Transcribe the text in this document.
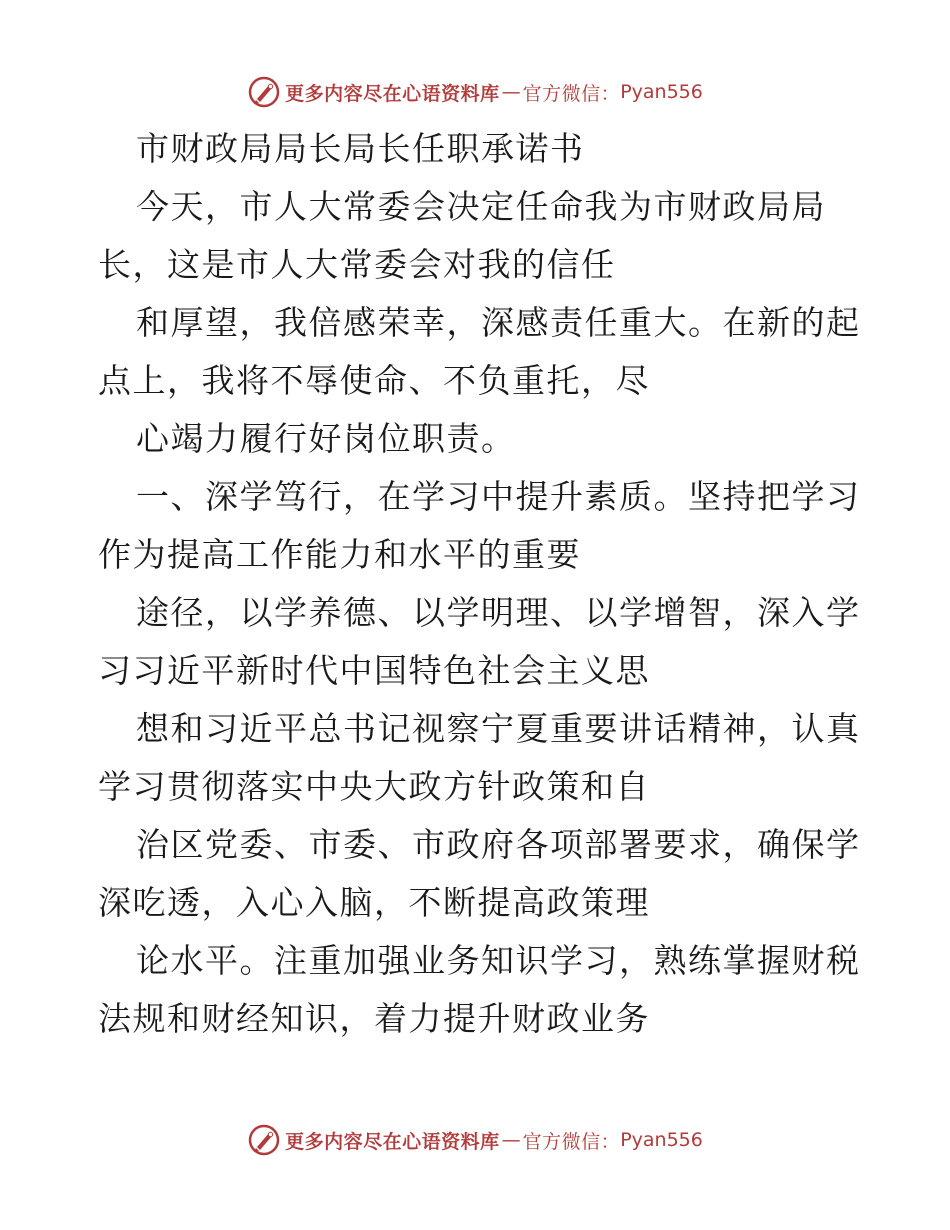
更多内容尽在心语资料库 — 官方微信： Pyan556
市财政局局长局长任职承诺书
今天，市人大常委会决定任命我为市财政局局
长，这是市人大常委会对我的信任
和厚望，我倍感荣幸，深感责任重大。在新的起
点上，我将不辱使命、不负重托，尽
心竭力履行好岗位职责。
一、深学笃行，在学习中提升素质。坚持把学习
作为提高工作能力和水平的重要
途径，以学养德、以学明理、以学增智，深入学
习习近平新时代中国特色社会主义思
想和习近平总书记视察宁夏重要讲话精神，认真
学习贯彻落实中央大政方针政策和自
治区党委、市委、市政府各项部署要求，确保学
深吃透，入心入脑，不断提高政策理
论水平。注重加强业务知识学习，熟练掌握财税
法规和财经知识，着力提升财政业务
更多内容尽在心语资料库 — 官方微信： Pyan556
